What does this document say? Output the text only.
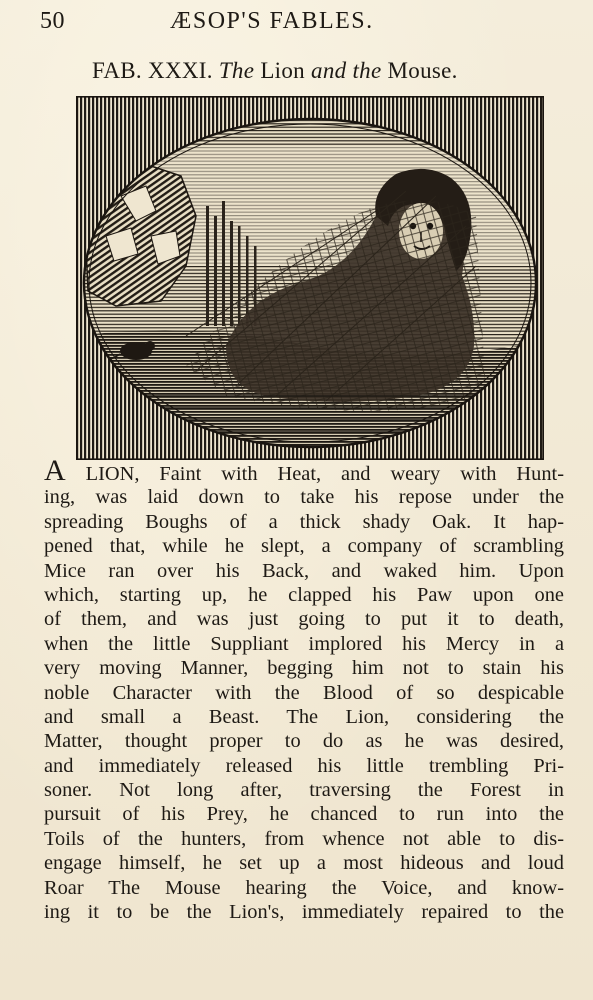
50	ÆSOP'S FABLES.
FAB. XXXI. The Lion and the Mouse.
A LION, Faint with Heat, and weary with Hunt-
ing, was laid down to take his repose under the
spreading Boughs of a thick shady Oak. It hap-
pened that, while he slept, a company of scrambling
Mice ran over his Back, and waked him. Upon
which, starting up, he clapped his Paw upon one
of them, and was just going to put it to death,
when the little Suppliant implored his Mercy in a
very moving Manner, begging him not to stain his
noble Character with the Blood of so despicable
and small a Beast. The Lion, considering the
Matter, thought proper to do as he was desired,
and immediately released his little trembling Pri-
soner. Not long after, traversing the Forest in
pursuit of his Prey, he chanced to run into the
Toils of the hunters, from whence not able to dis-
engage himself, he set up a most hideous and loud
Roar The Mouse hearing the Voice, and know-
ing it to be the Lion's, immediately repaired to the
